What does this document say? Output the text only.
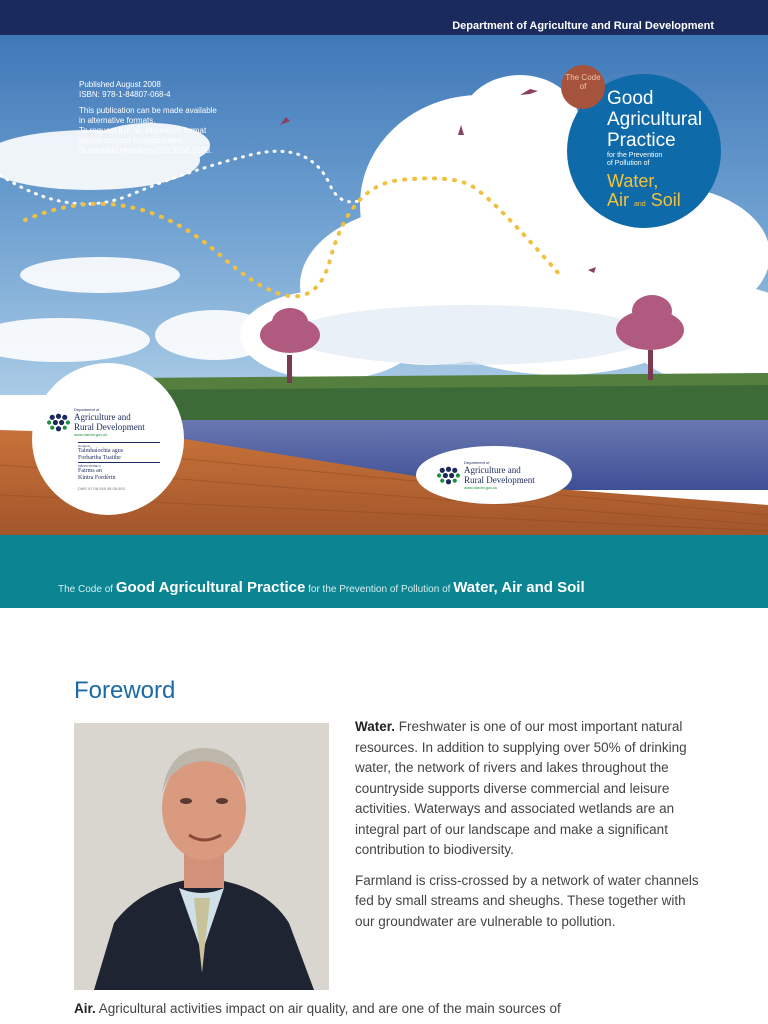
Department of Agriculture and Rural Development

Published August 2008
ISBN: 978-1-84807-068-4

This publication can be made available
in alternative formats.
To request it in an alternative format
please contact Headquarters,
Dundonald House on 028 9052 0100.

The Code of
Good
Agricultural
Practice
for the Prevention
of Pollution of
Water,
Air and Soil
Department of
Agriculture and
Rural Development
www.dardni.gov.uk
An Roinn
Talmhaíochta agus
Forbartha Tuaithe
MÄNNYSTRIE O
Fairms an
Kintra Fordèrin
DMS 07.08.049 08.08.093
Department of
Agriculture and
Rural Development
www.dardni.gov.uk
The Code of Good Agricultural Practice for the Prevention of Pollution of Water, Air and Soil
Foreword

Water. Freshwater is one of our most important natural resources. In addition to supplying over 50% of drinking water, the network of rivers and lakes throughout the countryside supports diverse commercial and leisure activities. Waterways and associated wetlands are an integral part of our landscape and make a significant contribution to biodiversity.

Farmland is criss-crossed by a network of water channels fed by small streams and sheughs. These together with our groundwater are vulnerable to pollution.

Air. Agricultural activities impact on air quality, and are one of the main sources of
